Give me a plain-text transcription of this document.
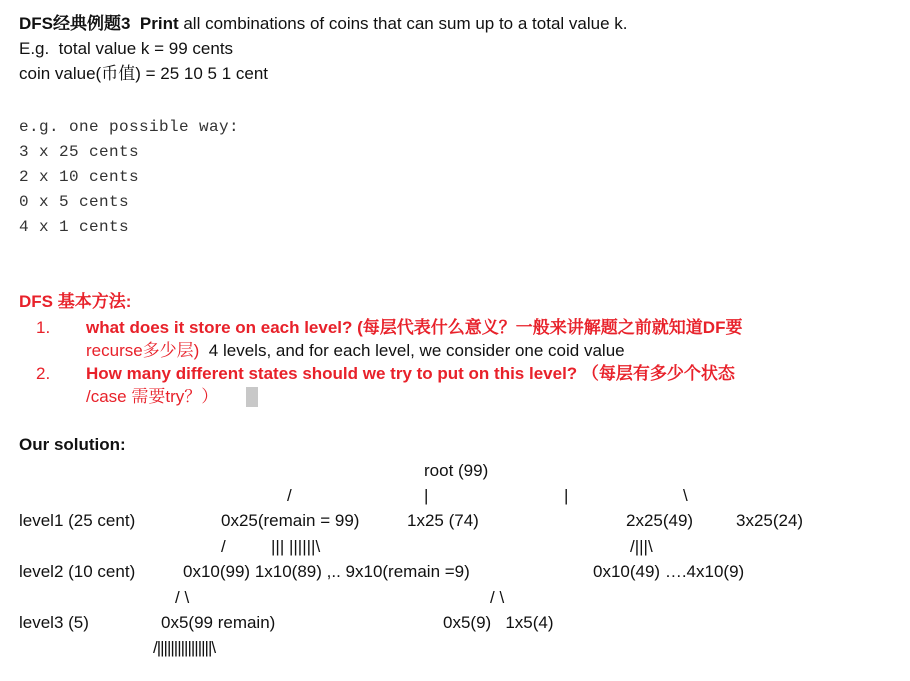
DFS经典例题3  Print all combinations of coins that can sum up to a total value k.
E.g.  total value k = 99 cents
coin value(币值) = 25 10 5 1 cent
e.g. one possible way:
3 x 25 cents
2 x 10 cents
0 x 5 cents
4 x 1 cents
DFS 基本方法:
1. what does it store on each level? (每层代表什么意义？一般来讲解题之前就知道DF要
recurse多少层)  4 levels, and for each level, we consider one coid value
2. How many different states should we try to put on this level? （每层有多少个状态
/case 需要try？）
Our solution:
root (99)
/	|	|	\
level1 (25 cent)	0x25(remain = 99)	1x25 (74)	2x25(49)	3x25(24)
/	||| ||||||\	/|||\
level2 (10 cent)	0x10(99) 1x10(89) ,.. 9x10(remain =9)	0x10(49) ….4x10(9)
/ \	/ \
level3 (5)	0x5(99 remain)	0x5(9)   1x5(4)
/||||||||||||||||\
